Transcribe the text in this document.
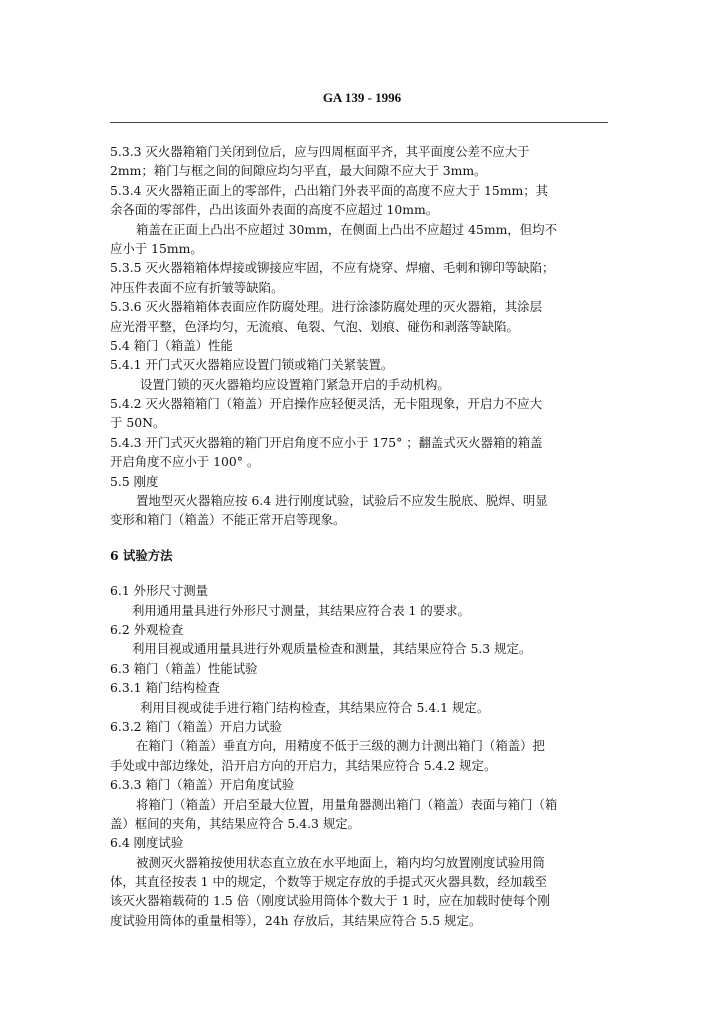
GA 139 - 1996
5.3.3 灭火器箱箱门关闭到位后，应与四周框面平齐，其平面度公差不应大于
2mm；箱门与框之间的间隙应均匀平直，最大间隙不应大于 3mm。
5.3.4 灭火器箱正面上的零部件，凸出箱门外表平面的高度不应大于 15mm；其
余各面的零部件，凸出该面外表面的高度不应超过 10mm。
箱盖在正面上凸出不应超过 30mm，在侧面上凸出不应超过 45mm，但均不
应小于 15mm。
5.3.5 灭火器箱箱体焊接或铆接应牢固，不应有烧穿、焊瘤、毛刺和铆印等缺陷；
冲压件表面不应有折皱等缺陷。
5.3.6 灭火器箱箱体表面应作防腐处理。进行涂漆防腐处理的灭火器箱，其涂层
应光滑平整，色泽均匀，无流痕、龟裂、气泡、划痕、碰伤和剥落等缺陷。
5.4 箱门（箱盖）性能
5.4.1 开门式灭火器箱应设置门锁或箱门关紧装置。
设置门锁的灭火器箱均应设置箱门紧急开启的手动机构。
5.4.2 灭火器箱箱门（箱盖）开启操作应轻便灵活，无卡阻现象，开启力不应大
于 50N。
5.4.3 开门式灭火器箱的箱门开启角度不应小于 175° ；翻盖式灭火器箱的箱盖
开启角度不应小于 100° 。
5.5 刚度
置地型灭火器箱应按 6.4 进行刚度试验，试验后不应发生脱底、脱焊、明显
变形和箱门（箱盖）不能正常开启等现象。
6 试验方法
6.1 外形尺寸测量
利用通用量具进行外形尺寸测量，其结果应符合表 1 的要求。
6.2 外观检查
利用目视或通用量具进行外观质量检查和测量，其结果应符合 5.3 规定。
6.3 箱门（箱盖）性能试验
6.3.1 箱门结构检查
利用目视或徒手进行箱门结构检查，其结果应符合 5.4.1 规定。
6.3.2 箱门（箱盖）开启力试验
在箱门（箱盖）垂直方向，用精度不低于三级的测力计测出箱门（箱盖）把
手处或中部边缘处，沿开启方向的开启力，其结果应符合 5.4.2 规定。
6.3.3 箱门（箱盖）开启角度试验
将箱门（箱盖）开启至最大位置，用量角器测出箱门（箱盖）表面与箱门（箱
盖）框间的夹角，其结果应符合 5.4.3 规定。
6.4 刚度试验
被测灭火器箱按使用状态直立放在水平地面上，箱内均匀放置刚度试验用筒
体，其直径按表 1 中的规定，个数等于规定存放的手提式灭火器具数，经加载至
该灭火器箱载荷的 1.5 倍（刚度试验用筒体个数大于 1 时，应在加载时使每个刚
度试验用筒体的重量相等），24h 存放后，其结果应符合 5.5 规定。
